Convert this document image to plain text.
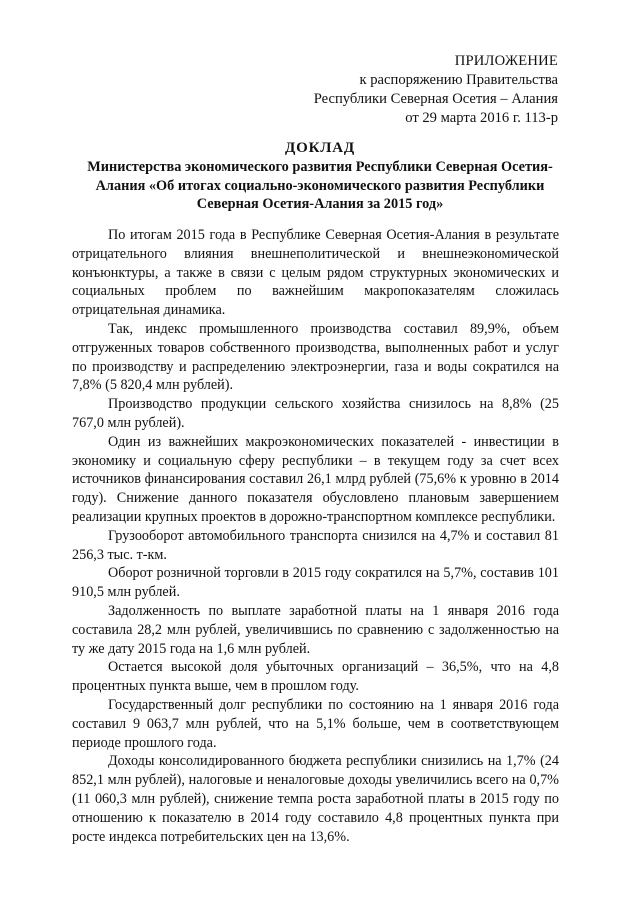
ПРИЛОЖЕНИЕ
к распоряжению Правительства
Республики Северная Осетия – Алания
от 29 марта 2016 г. 113-р
ДОКЛАД
Министерства экономического развития Республики Северная Осетия-Алания «Об итогах социально-экономического развития Республики Северная Осетия-Алания за 2015 год»

По итогам 2015 года в Республике Северная Осетия-Алания в результате отрицательного влияния внешнеполитической и внешнеэкономической конъюнктуры, а также в связи с целым рядом структурных экономических и социальных проблем по важнейшим макропоказателям сложилась отрицательная динамика.

Так, индекс промышленного производства составил 89,9%, объем отгруженных товаров собственного производства, выполненных работ и услуг по производству и распределению электроэнергии, газа и воды сократился на 7,8% (5 820,4 млн рублей).

Производство продукции сельского хозяйства снизилось на 8,8% (25 767,0 млн рублей).

Один из важнейших макроэкономических показателей - инвестиции в экономику и социальную сферу республики – в текущем году за счет всех источников финансирования составил 26,1 млрд рублей (75,6% к уровню в 2014 году). Снижение данного показателя обусловлено плановым завершением реализации крупных проектов в дорожно-транспортном комплексе республики.

Грузооборот автомобильного транспорта снизился на 4,7% и составил 81 256,3 тыс. т-км.

Оборот розничной торговли в 2015 году сократился на 5,7%, составив 101 910,5 млн рублей.

Задолженность по выплате заработной платы на 1 января 2016 года составила 28,2 млн рублей, увеличившись по сравнению с задолженностью на ту же дату 2015 года на 1,6 млн рублей.

Остается высокой доля убыточных организаций – 36,5%, что на 4,8 процентных пункта выше, чем в прошлом году.

Государственный долг республики по состоянию на 1 января 2016 года составил 9 063,7 млн рублей, что на 5,1% больше, чем в соответствующем периоде прошлого года.

Доходы консолидированного бюджета республики снизились на 1,7% (24 852,1 млн рублей), налоговые и неналоговые доходы увеличились всего на 0,7% (11 060,3 млн рублей), снижение темпа роста заработной платы в 2015 году по отношению к показателю в 2014 году составило 4,8 процентных пункта при росте индекса потребительских цен на 13,6%.
